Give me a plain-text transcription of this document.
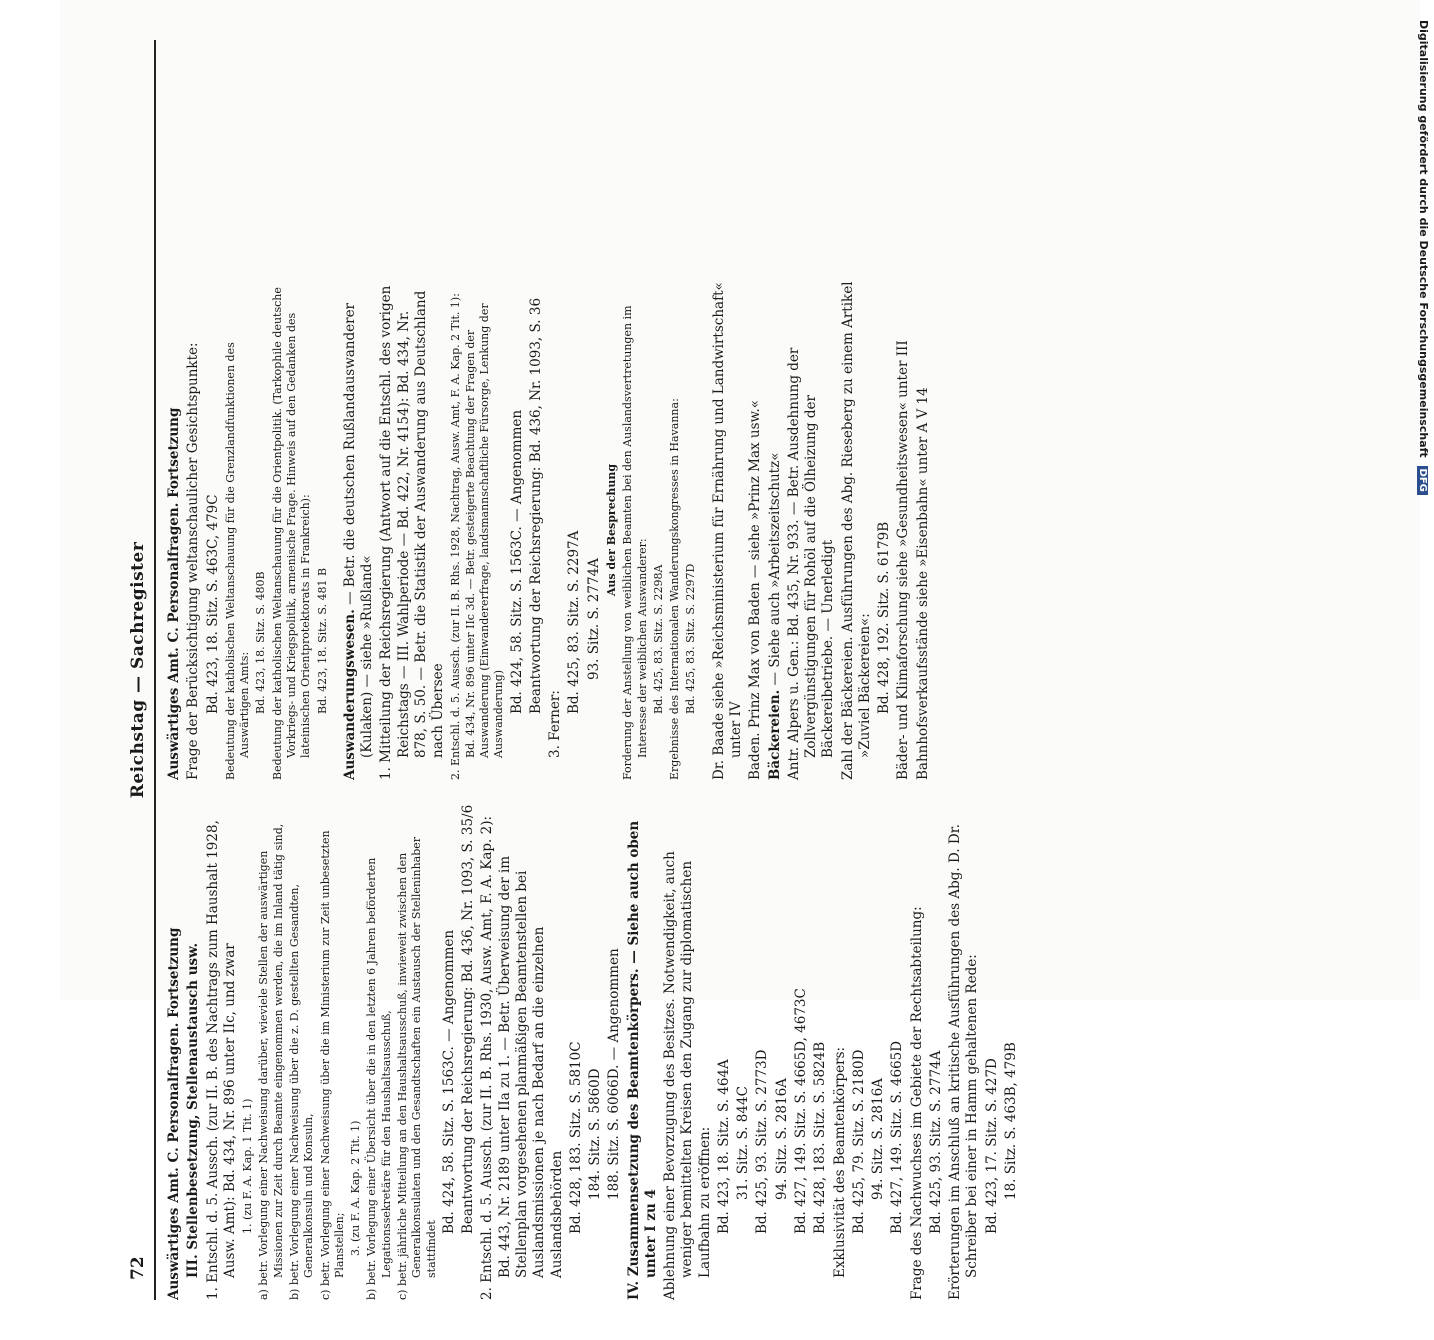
72
Reichstag — Sachregister

Auswärtiges Amt. C. Personalfragen. Fortsetzung III. Stellenbesetzung, Stellenaustausch usw. 1. Entschl. d. 5. Aussch. (zur II. B. des Nachtrags zum Haushalt 1928, Ausw. Amt): Bd. 434, Nr. 896 unter IIc, und zwar 1. (zu F. A. Kap. 1 Tit. 1) a) betr. Vorlegung einer Nachweisung darüber, wieviele Stellen der auswärtigen Missionen zur Zeit durch Beamte eingenommen werden, die im Inland tätig sind, b) betr. Vorlegung einer Nachweisung über die z. D. gestellten Gesandten, Generalkonsuln und Konsuln, c) betr. Vorlegung einer Nachweisung über die im Ministerium zur Zeit unbesetzten Planstellen; 3. (zu F. A. Kap. 2 Tit. 1) b) betr. Vorlegung einer Übersicht über die in den letzten 6 Jahren beförderten Legationssekretäre für den Haushaltsausschuß, c) betr. jährliche Mitteilung an den Haushaltsausschuß, inwieweit zwischen den Generalkonsulaten und den Gesandtschaften ein Austausch der Stelleninhaber stattfindet

Bd. 424, 58. Sitz. S. 1563C. — Angenommen Beantwortung der Reichsregierung: Bd. 436, Nr. 1093, S. 35/6 2. Entschl. d. 5. Aussch. (zur II. B. Rhs. 1930, Ausw. Amt, F. A. Kap. 2): Bd. 443, Nr. 2189 unter IIa zu 1. — Betr. Überweisung der im Stellenplan vorgesehenen planmäßigen Beamtenstellen bei Auslandsmissionen je nach Bedarf an die einzelnen Auslandsbehörden Bd. 428, 183. Sitz. S. 5810C 184. Sitz. S. 5860D 188. Sitz. S. 6066D. — Angenommen IV. Zusammensetzung des Beamtenkörpers. — Siehe auch oben unter I zu 4 Ablehnung einer Bevorzugung des Besitzes. Notwendigkeit, auch weniger bemittelten Kreisen den Zugang zur diplomatischen Laufbahn zu eröffnen: Bd. 423, 18. Sitz. S. 464A 31. Sitz. S. 844C Bd. 425, 93. Sitz. S. 2773D 94. Sitz. S. 2816A Bd. 427, 149. Sitz. S. 4665D, 4673C Bd. 428, 183. Sitz. S. 5824B Exklusivität des Beamtenkörpers: Bd. 425, 79. Sitz. S. 2180D 94. Sitz. S. 2816A Bd. 427, 149. Sitz. S. 4665D Frage des Nachwuchses im Gebiete der Rechtsabteilung: Bd. 425, 93. Sitz. S. 2774A Erörterungen im Anschluß an kritische Ausführungen des Abg. D. Dr. Schreiber bei einer in Hamm gehaltenen Rede: Bd. 423, 17. Sitz. S. 427D 18. Sitz. S. 463B, 479B

Auswärtiges Amt. C. Personalfragen. Fortsetzung Frage der Berücksichtigung weltanschaulicher Gesichtspunkte: Bd. 423, 18. Sitz. S. 463C, 479C Bedeutung der katholischen Weltanschauung für die Grenzlandfunktionen des Auswärtigen Amts: Bd. 423, 18. Sitz. S. 480B Bedeutung der katholischen Weltanschauung für die Orientpolitik. (Tarkophile deutsche Vorkriegs- und Kriegspolitik, armenische Frage. Hinweis auf den Gedanken des lateinischen Orientprotektorats in Frankreich): Bd. 423, 18. Sitz. S. 481 B Auswanderungswesen. — Betr. die deutschen Rußlandauswanderer (Kulaken) — siehe »Rußland« 1. Mitteilung der Reichsregierung (Antwort auf die Entschl. des vorigen Reichstags — III. Wahlperiode — Bd. 422, Nr. 4154): Bd. 434, Nr. 878, S. 50. — Betr. die Statistik der Auswanderung aus Deutschland nach Übersee 2. Entschl. d. 5. Aussch. (zur II. B. Rhs. 1928, Nachtrag, Ausw. Amt, F. A. Kap. 2 Tit. 1): Bd. 434, Nr. 896 unter IIc 3d. — Betr. gesteigerte Beachtung der Fragen der Auswanderung (Einwandererfrage, landsmannschaftliche Fürsorge, Lenkung der Auswanderung) Bd. 424, 58. Sitz. S. 1563C. — Angenommen Beantwortung der Reichsregierung: Bd. 436, Nr. 1093, S. 36

3. Ferner:

Bd. 425, 83. Sitz. S. 2297A 93. Sitz. S. 2774A

Aus der Besprechung Forderung der Anstellung von weiblichen Beamten bei den Auslandsvertretungen im Interesse der weiblichen Auswanderer: Bd. 425, 83. Sitz. S. 2298A Ergebnisse des Internationalen Wanderungskongresses in Havanna: Bd. 425, 83. Sitz. S. 2297D Dr. Baade siehe »Reichsministerium für Ernährung und Landwirtschaft« unter IV Baden. Prinz Max von Baden — siehe »Prinz Max usw.« Bäckereien. — Siehe auch »Arbeitszeitschutz« Antr. Alpers u. Gen.: Bd. 435, Nr. 933. — Betr. Ausdehnung der Zollvergünstigungen für Rohöl auf die Ölheizung der Bäckereibetriebe. — Unerledigt Zahl der Bäckereien. Ausführungen des Abg. Rieseberg zu einem Artikel »Zuviel Bäckereien«: Bd. 428, 192. Sitz. S. 6179B Bäder- und Klimaforschung siehe »Gesundheitswesen« unter III Bahnhofsverkaufsstände siehe »Eisenbahn« unter A V 14

Digitalisierung gefördert durch die Deutsche Forschungsgemeinschaft DFG
